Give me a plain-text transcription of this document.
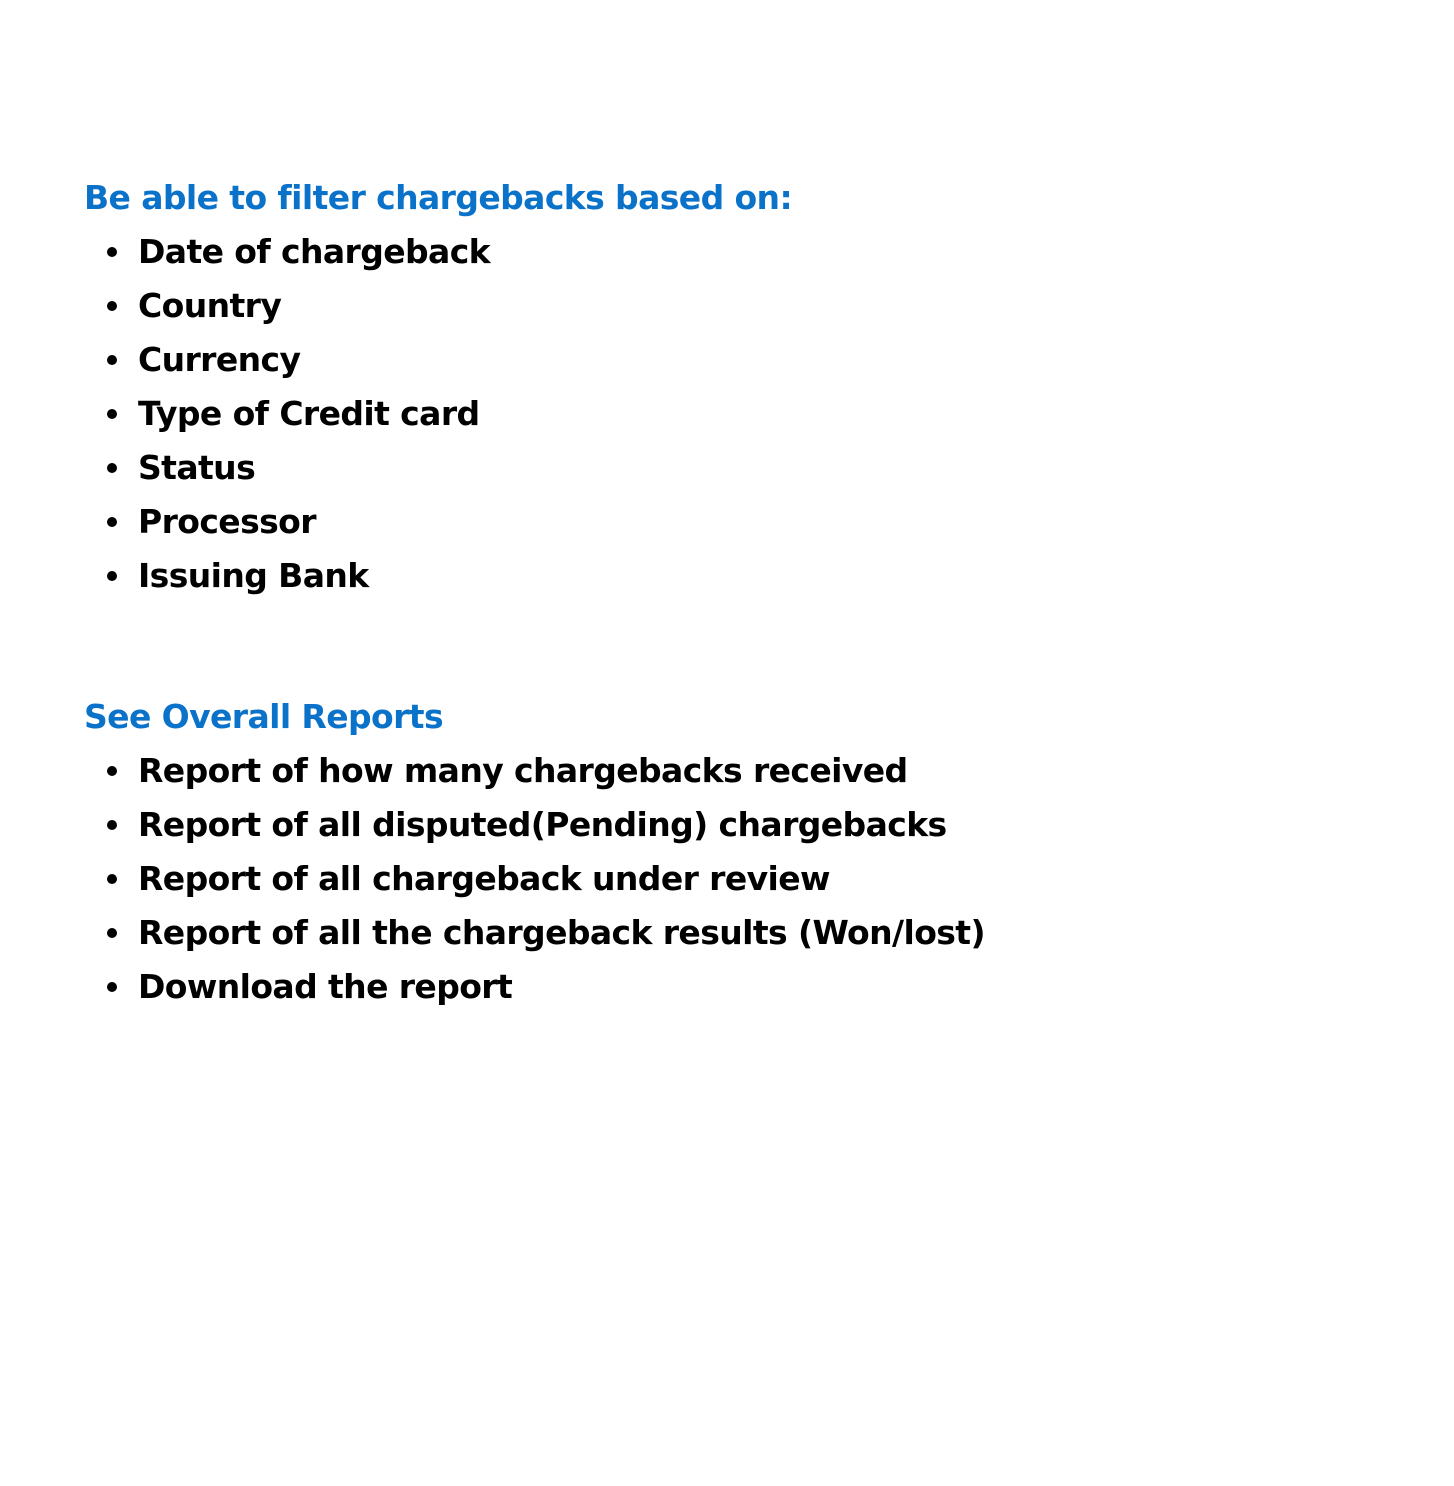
Be able to filter chargebacks based on:
Date of chargeback
Country
Currency
Type of Credit card
Status
Processor
Issuing Bank
See Overall Reports
Report of how many chargebacks received
Report of all disputed(Pending) chargebacks
Report of all chargeback under review
Report of all the chargeback results (Won/lost)
Download the report
